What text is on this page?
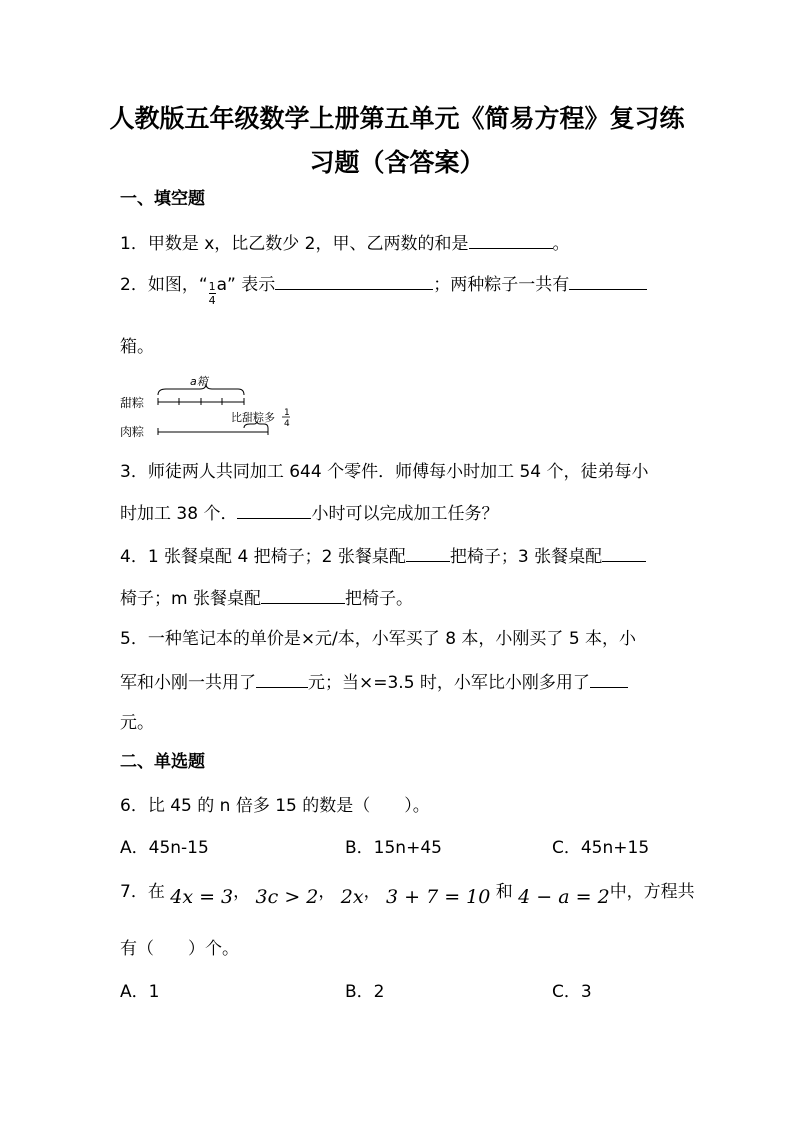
人教版五年级数学上册第五单元《简易方程》复习练
习题（含答案）
一、填空题
1．甲数是 x，比乙数少 2，甲、乙两数的和是	。
2．如图，“ $\frac{1}{4} a$” 表示	；两种粽子一共有
箱。
甜粽
肉粽
a箱
比甜粽多 1
4
3．师徒两人共同加工 644 个零件．师傅每小时加工 54 个，徒弟每小
时加工 38 个．	小时可以完成加工任务？
4．1 张餐桌配 4 把椅子；2 张餐桌配	把椅子；3 张餐桌配
椅子；m 张餐桌配	把椅子。
5．一种笔记本的单价是×元/本，小军买了 8 本，小刚买了 5 本，小
军和小刚一共用了	元；当×=3.5 时，小军比小刚多用了
元。
二、单选题
6．比 45 的 n 倍多 15 的数是（　　）。
A．45n-15	B．15n+45	C．45n+15
7．在 4x = 3， 3c > 2， 2x， 3 + 7 = 10 和 4 − a = 2中，方程共
有（　　）个。
A．1	B．2	C．3
